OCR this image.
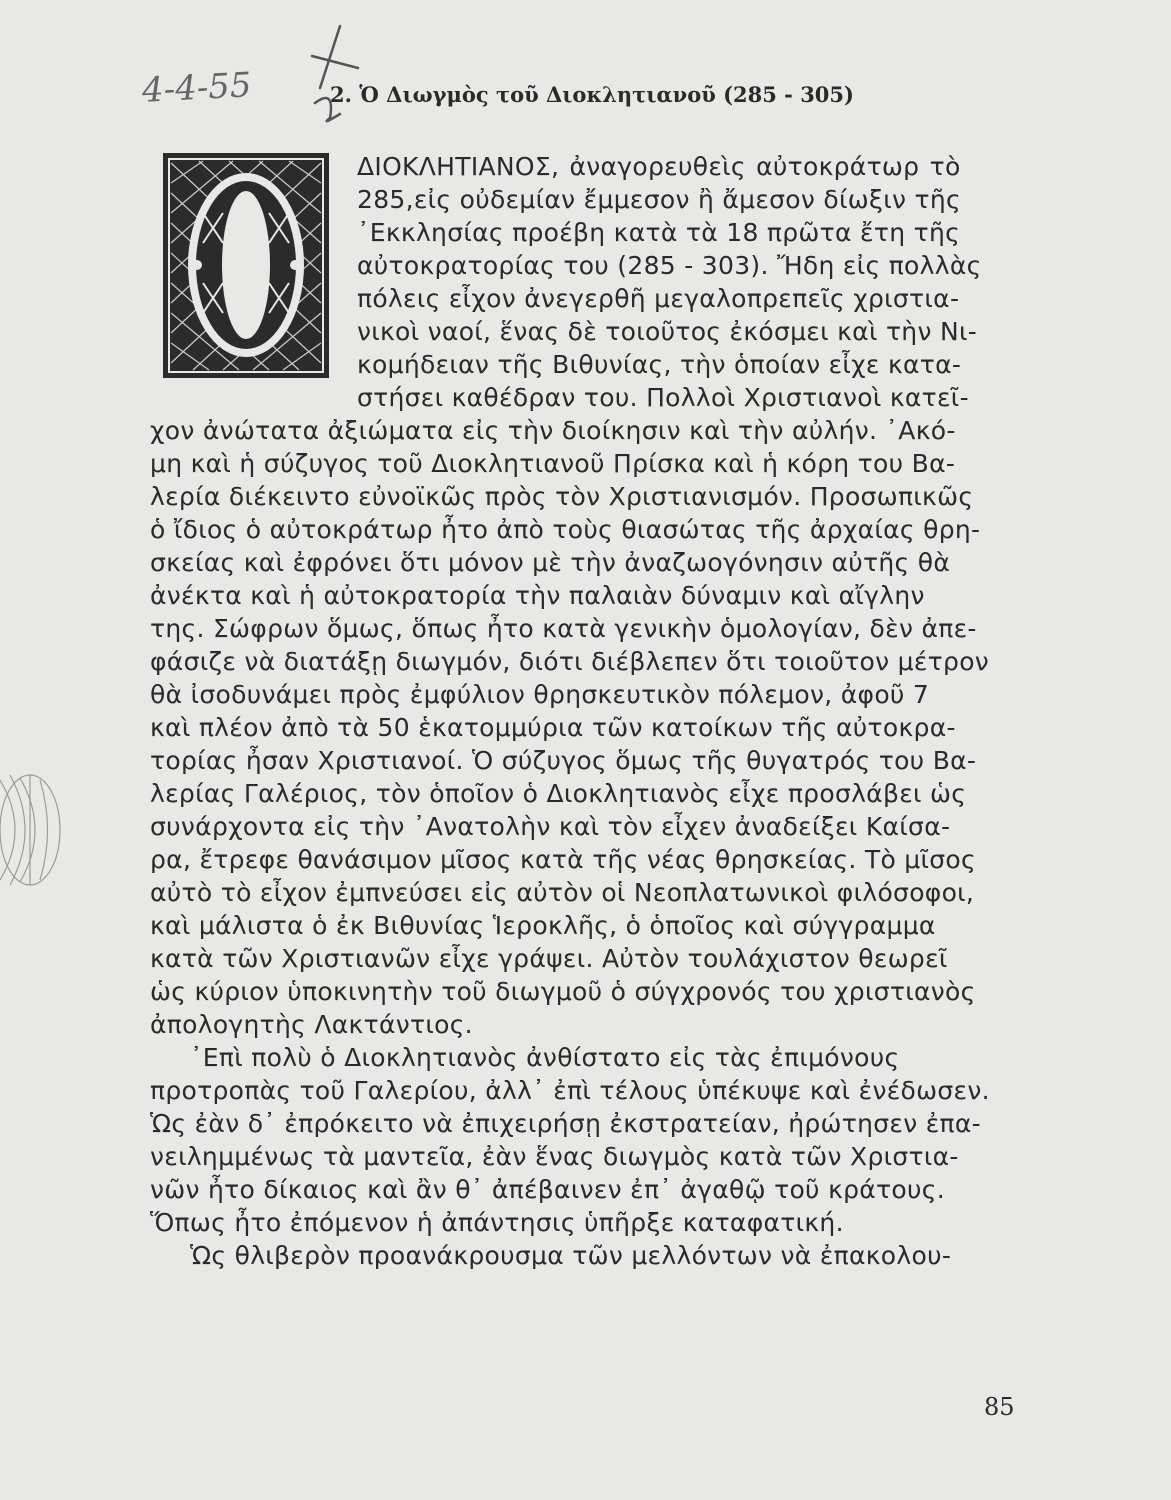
4-4-55	2. Ὁ Διωγμὸς τοῦ Διοκλητιανοῦ (285 - 305)
ΔΙΟΚΛΗΤΙΑΝΟΣ, ἀναγορευθεὶς αὐτοκράτωρ τὸ
285,εἰς οὐδεμίαν ἔμμεσον ἢ ἄμεσον δίωξιν τῆς
᾿Εκκλησίας προέβη κατὰ τὰ 18 πρῶτα ἔτη τῆς
αὐτοκρατορίας του (285 - 303). Ἤδη εἰς πολλὰς
πόλεις εἶχον ἀνεγερθῆ μεγαλοπρεπεῖς χριστια-
νικοὶ ναοί, ἕνας δὲ τοιοῦτος ἐκόσμει καὶ τὴν Νι-
κομήδειαν τῆς Βιθυνίας, τὴν ὁποίαν εἶχε κατα-
στήσει καθέδραν του. Πολλοὶ Χριστιανοὶ κατεῖ-
χον ἀνώτατα ἀξιώματα εἰς τὴν διοίκησιν καὶ τὴν αὐλήν. ᾿Ακό-
μη καὶ ἡ σύζυγος τοῦ Διοκλητιανοῦ Πρίσκα καὶ ἡ κόρη του Βα-
λερία διέκειντο εὐνοϊκῶς πρὸς τὸν Χριστιανισμόν. Προσωπικῶς
ὁ ἴδιος ὁ αὐτοκράτωρ ἦτο ἀπὸ τοὺς θιασώτας τῆς ἀρχαίας θρη-
σκείας καὶ ἐφρόνει ὅτι μόνον μὲ τὴν ἀναζωογόνησιν αὐτῆς θὰ
ἀνέκτα καὶ ἡ αὐτοκρατορία τὴν παλαιὰν δύναμιν καὶ αἴγλην
της. Σώφρων ὅμως, ὅπως ἦτο κατὰ γενικὴν ὁμολογίαν, δὲν ἀπε-
φάσιζε νὰ διατάξῃ διωγμόν, διότι διέβλεπεν ὅτι τοιοῦτον μέτρον
θὰ ἰσοδυνάμει πρὸς ἐμφύλιον θρησκευτικὸν πόλεμον, ἀφοῦ 7
καὶ πλέον ἀπὸ τὰ 50 ἑκατομμύρια τῶν κατοίκων τῆς αὐτοκρα-
τορίας ἦσαν Χριστιανοί. Ὁ σύζυγος ὅμως τῆς θυγατρός του Βα-
λερίας Γαλέριος, τὸν ὁποῖον ὁ Διοκλητιανὸς εἶχε προσλάβει ὡς
συνάρχοντα εἰς τὴν ᾿Ανατολὴν καὶ τὸν εἶχεν ἀναδείξει Καίσα-
ρα, ἔτρεφε θανάσιμον μῖσος κατὰ τῆς νέας θρησκείας. Τὸ μῖσος
αὐτὸ τὸ εἶχον ἐμπνεύσει εἰς αὐτὸν οἱ Νεοπλατωνικοὶ φιλόσοφοι,
καὶ μάλιστα ὁ ἐκ Βιθυνίας Ἱεροκλῆς, ὁ ὁποῖος καὶ σύγγραμμα
κατὰ τῶν Χριστιανῶν εἶχε γράψει. Αὐτὸν τουλάχιστον θεωρεῖ
ὡς κύριον ὑποκινητὴν τοῦ διωγμοῦ ὁ σύγχρονός του χριστιανὸς
ἀπολογητὴς Λακτάντιος.
᾿Επὶ πολὺ ὁ Διοκλητιανὸς ἀνθίστατο εἰς τὰς ἐπιμόνους
προτροπὰς τοῦ Γαλερίου, ἀλλ᾿ ἐπὶ τέλους ὑπέκυψε καὶ ἐνέδωσεν.
Ὡς ἐὰν δ᾿ ἐπρόκειτο νὰ ἐπιχειρήσῃ ἐκστρατείαν, ἠρώτησεν ἐπα-
νειλημμένως τὰ μαντεῖα, ἐὰν ἕνας διωγμὸς κατὰ τῶν Χριστια-
νῶν ἦτο δίκαιος καὶ ἂν θ᾿ ἀπέβαινεν ἐπ᾿ ἀγαθῷ τοῦ κράτους.
Ὅπως ἦτο ἐπόμενον ἡ ἀπάντησις ὑπῆρξε καταφατική.
Ὡς θλιβερὸν προανάκρουσμα τῶν μελλόντων νὰ ἐπακολου-
85
